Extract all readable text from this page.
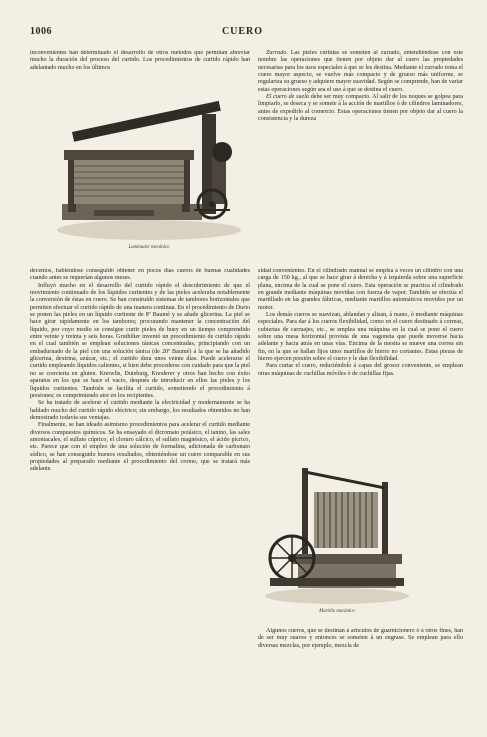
1006	CUERO

inconvenientes han determinado el desarrollo de otros métodos que permitan abreviar mucho la duración del proceso del curtido. Los procedimientos de curtido rápido han adelantado mucho en los últimos

Laminador mecánico

Zurrado. Las pieles curtidas se someten al zurrado, entendiéndose con este nombre las operaciones que tienen por objeto dar al cuero las propiedades necesarias para los usos especiales á que se les destina. Mediante el zurrado toma el cuero mayor aspecto, se vuelve más compacto y de grueso más uniforme, se regulariza su grueso y adquiere mayor suavidad. Según se comprende, han de variar estas operaciones según sea el uso á que se destina el cuero.

El cuero de suela debe ser muy compacto. Al salir de los noques se golpea para limpiarlo, se deseca y se somete á la acción de martillos ó de cilindros laminadores, antes de expedirlo al comercio. Estas operaciones tienen por objeto dar al cuero la consistencia y la dureza

decenios, habiéndose conseguido obtener en pocos días cueros de buenas cualidades cuando antes se requerían algunos meses.

Influyó mucho en el desarrollo del curtido rápido el descubrimiento de que el movimiento continuado de los líquidos curtientes y de las pieles aceleraba notablemente la conversión de éstas en cuero. Se han construído sistemas de tambores horizontales que permiten efectuar el curtido rápido de una manera continua. En el procedimiento de Durio se ponen las pieles en un líquido curtiente de 8º Baumé y se añade glicerina. La piel se hace girar rápidamente en los tambores; procurando mantener la concentración del líquido, por cuyo medio se consigue curtir pieles de buey en un tiempo comprendido entre veinte y treinta y seis horas. Gruthilter inventó un procedimiento de curtido rápido en el cual también se emplean soluciones tánicas concentradas, principiando con un embadurnado de la piel con una solución tánica (de 20º Baumé) á la que se ha añadido glicerina, dextrina, azúcar, etc.; el curtido dura unos veinte días. Puede acelerarse el curtido empleando líquidos calientes, si bien debe procederse con cuidado para que la piel no se convierta en gluten. Knowlis, Duieburg, Knoderer y otros han hecho con éxito aparatos en los que se hace el vacío, después de introducir en ellos las pieles y los líquidos curtientes. También se facilita el curtido, sometiendo el procedimiento á presiones; es comprimiendo aire en los recipientes.

Se ha tratado de acelerar el curtido mediante la electricidad y modernamente se ha hablado mucho del curtido rápido eléctrico; sin embargo, los resultados obtenidos no han demostrado todavía sus ventajas.

Finalmente, se han ideado asimismo procedimientos para acelerar el curtido mediante diversos compuestos químicos. Se ha ensayado el dicromato potásico, el tanino, las sales amoniacales, el sulfato cúprico, el cloruro cálcico, el sulfato magnésico, el ácido pícrico, etc. Parece que con el empleo de una solución de formalina, adicionada de carbonato sódico, se han conseguido buenos resultados, obteniéndose un cuero comparable en sus propiedades al preparado mediante el procedimiento del cromo, que se tratará más adelante.

sidad convenientes. En el cilindrado manual se emplea á veces un cilindro con una carga de 150 kg., al que se hace girar á derecha y á izquierda sobre una superficie plana, encima de la cual se pone el cuero. Esta operación se practica el cilindrado en grande mediante máquinas movidas con fuerza de vapor. También se efectúa el martillado en las grandes fábricas, mediante martillos automáticos movidos por un motor.

Los demás cueros se suavizan, ablandan y alisan, á mano, ó mediante máquinas especiales. Para dar á los cueros flexibilidad, como en el cuero destinado á correas, cubiertas de carruajes, etc., se emplea una máquina en la cual se pone el cuero sobre una mesa horizontal provista de una vagoneta que puede moverse hacia adelante y hacia atrás en unas vías. Encima de la mesita se mueve una correa sin fin, en la que se hallan fijos unos martillos de hierro no cortantes. Estas piezas de hierro ejercen presión sobre el cuero y le dan flexibilidad.

Para curtar el cuero, reduciéndolo á capas del grosor conveniente, se emplean otras máquinas de cuchillas móviles ó de cuchillas fijas.

Martillo mecánico

Algunos cueros, que se destinan á artículos de guarnicionero ó á otros fines, han de ser muy suaves y entonces se someten á un engrase. Se emplean para ello diversas mezclas, por ejemplo, mezcla de
